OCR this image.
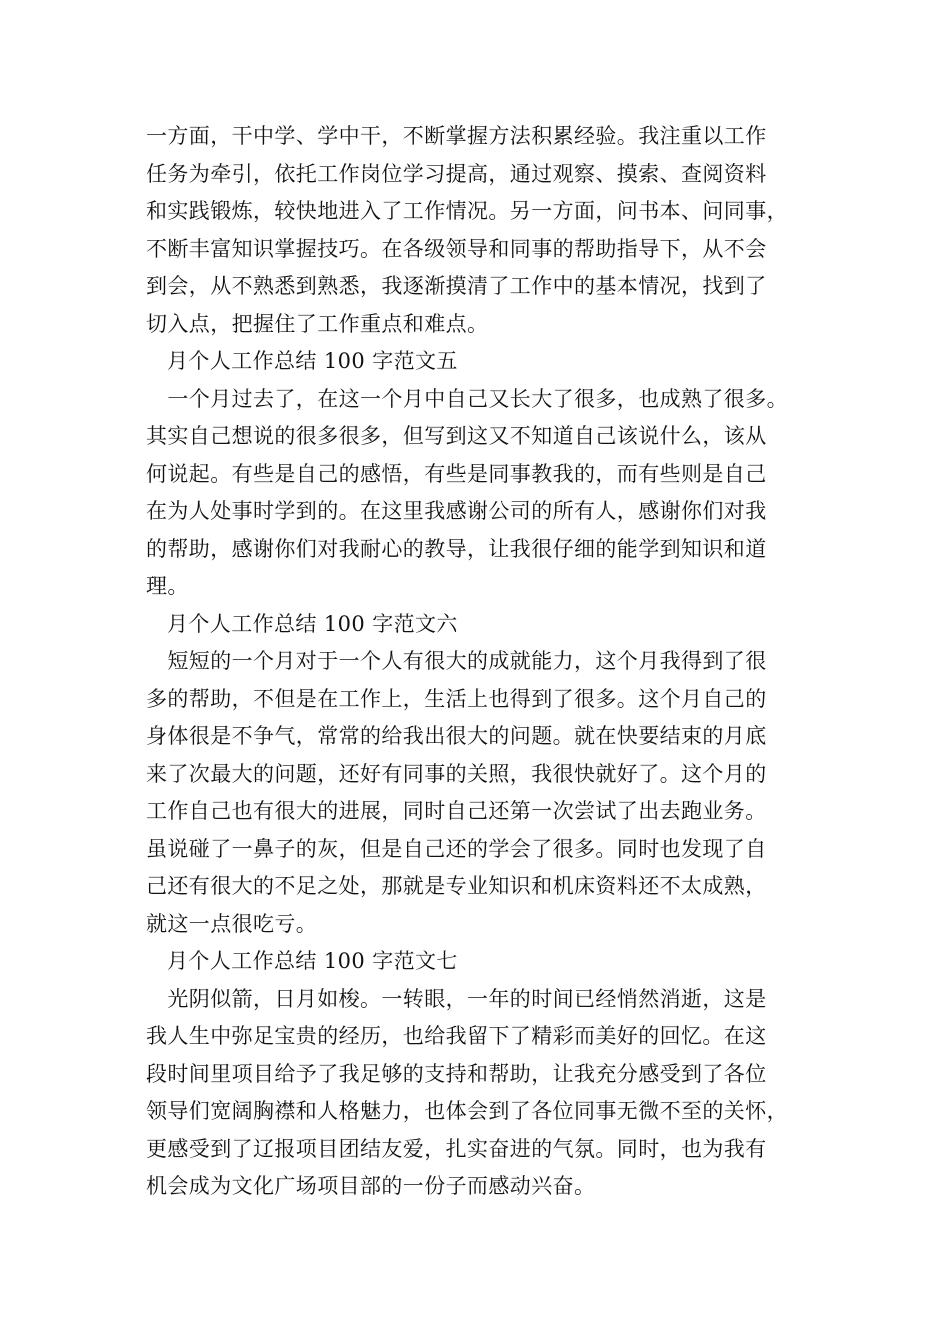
一方面，干中学、学中干，不断掌握方法积累经验。我注重以工作
任务为牵引，依托工作岗位学习提高，通过观察、摸索、查阅资料
和实践锻炼，较快地进入了工作情况。另一方面，问书本、问同事，
不断丰富知识掌握技巧。在各级领导和同事的帮助指导下，从不会
到会，从不熟悉到熟悉，我逐渐摸清了工作中的基本情况，找到了
切入点，把握住了工作重点和难点。

月个人工作总结 100 字范文五

　一个月过去了，在这一个月中自己又长大了很多，也成熟了很多。
其实自己想说的很多很多，但写到这又不知道自己该说什么，该从
何说起。有些是自己的感悟，有些是同事教我的，而有些则是自己
在为人处事时学到的。在这里我感谢公司的所有人，感谢你们对我
的帮助，感谢你们对我耐心的教导，让我很仔细的能学到知识和道
理。

月个人工作总结 100 字范文六

　短短的一个月对于一个人有很大的成就能力，这个月我得到了很
多的帮助，不但是在工作上，生活上也得到了很多。这个月自己的
身体很是不争气，常常的给我出很大的问题。就在快要结束的月底
来了次最大的问题，还好有同事的关照，我很快就好了。这个月的
工作自己也有很大的进展，同时自己还第一次尝试了出去跑业务。
虽说碰了一鼻子的灰，但是自己还的学会了很多。同时也发现了自
己还有很大的不足之处，那就是专业知识和机床资料还不太成熟，
就这一点很吃亏。

月个人工作总结 100 字范文七

　光阴似箭，日月如梭。一转眼，一年的时间已经悄然消逝，这是
我人生中弥足宝贵的经历，也给我留下了精彩而美好的回忆。在这
段时间里项目给予了我足够的支持和帮助，让我充分感受到了各位
领导们宽阔胸襟和人格魅力，也体会到了各位同事无微不至的关怀，
更感受到了辽报项目团结友爱，扎实奋进的气氛。同时，也为我有
机会成为文化广场项目部的一份子而感动兴奋。
